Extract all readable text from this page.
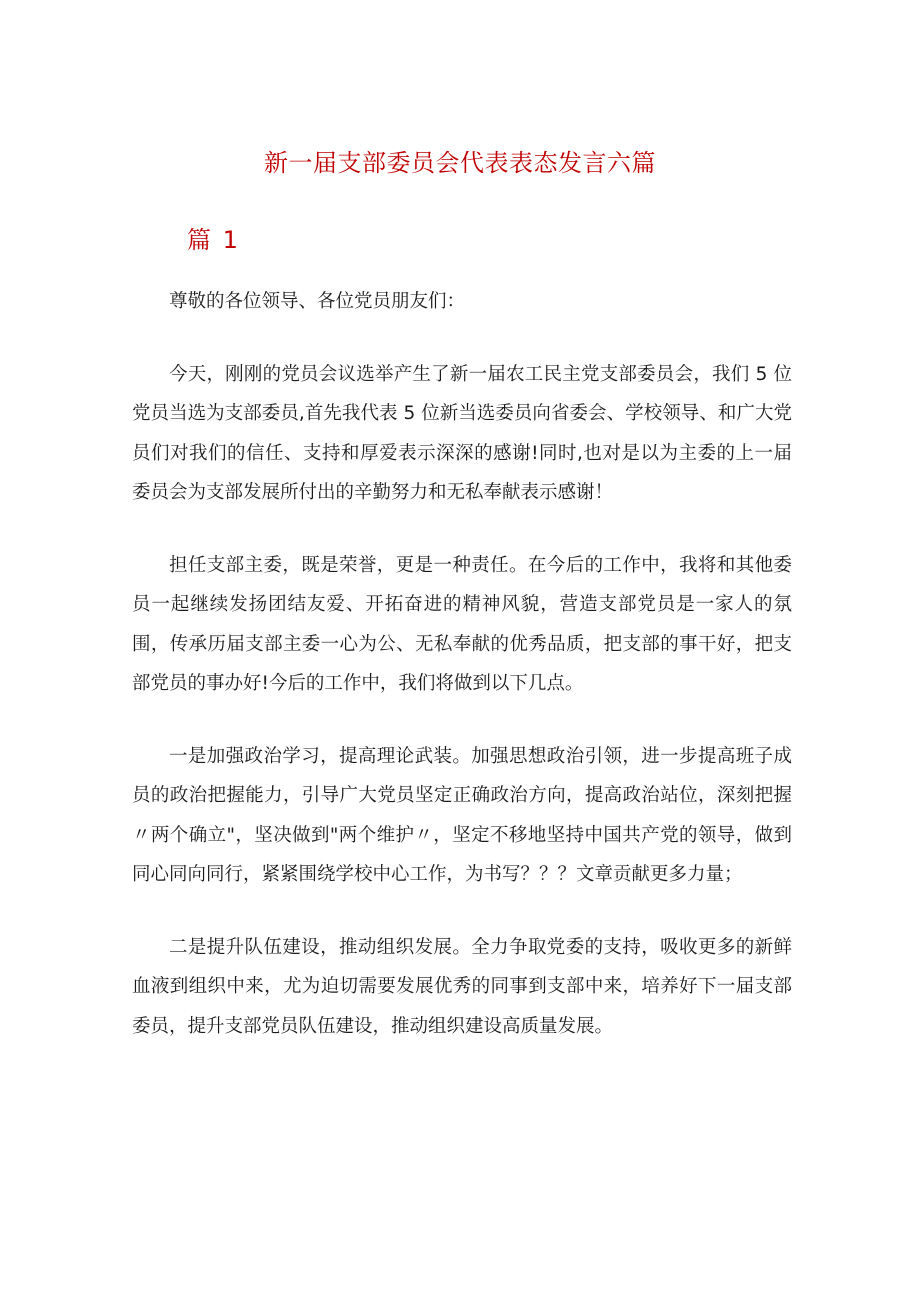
新一届支部委员会代表表态发言六篇
篇 1

尊敬的各位领导、各位党员朋友们：

今天，刚刚的党员会议选举产生了新一届农工民主党支部委员会，我们 5 位党员当选为支部委员,首先我代表 5 位新当选委员向省委会、学校领导、和广大党员们对我们的信任、支持和厚爱表示深深的感谢!同时,也对是以为主委的上一届委员会为支部发展所付出的辛勤努力和无私奉献表示感谢！

担任支部主委，既是荣誉，更是一种责任。在今后的工作中，我将和其他委员一起继续发扬团结友爱、开拓奋进的精神风貌，营造支部党员是一家人的氛围，传承历届支部主委一心为公、无私奉献的优秀品质，把支部的事干好，把支部党员的事办好!今后的工作中，我们将做到以下几点。

一是加强政治学习，提高理论武装。加强思想政治引领，进一步提高班子成员的政治把握能力，引导广大党员坚定正确政治方向，提高政治站位，深刻把握〃两个确立"，坚决做到"两个维护〃，坚定不移地坚持中国共产党的领导，做到同心同向同行，紧紧围绕学校中心工作，为书写？？？文章贡献更多力量；

二是提升队伍建设，推动组织发展。全力争取党委的支持，吸收更多的新鲜血液到组织中来，尤为迫切需要发展优秀的同事到支部中来，培养好下一届支部委员，提升支部党员队伍建设，推动组织建设高质量发展。
